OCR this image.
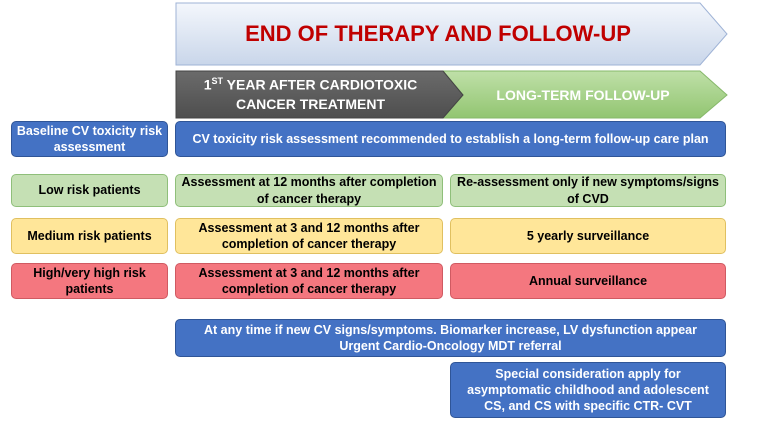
END OF THERAPY AND FOLLOW-UP
1ST YEAR AFTER CARDIOTOXIC
CANCER TREATMENT
LONG-TERM FOLLOW-UP
Baseline CV toxicity risk assessment
CV toxicity risk assessment recommended to establish a long-term follow-up care plan
Low risk patients
Assessment at 12 months after completion of cancer therapy
Re-assessment only if new symptoms/signs of CVD
Medium risk patients
Assessment at 3 and 12 months after completion of cancer therapy
5 yearly surveillance
High/very high risk patients
Assessment at 3 and 12 months after completion of cancer therapy
Annual surveillance
At any time if new CV signs/symptoms. Biomarker increase, LV dysfunction appear
Urgent Cardio-Oncology MDT referral
Special consideration apply for asymptomatic childhood and adolescent CS, and CS with specific CTR- CVT
